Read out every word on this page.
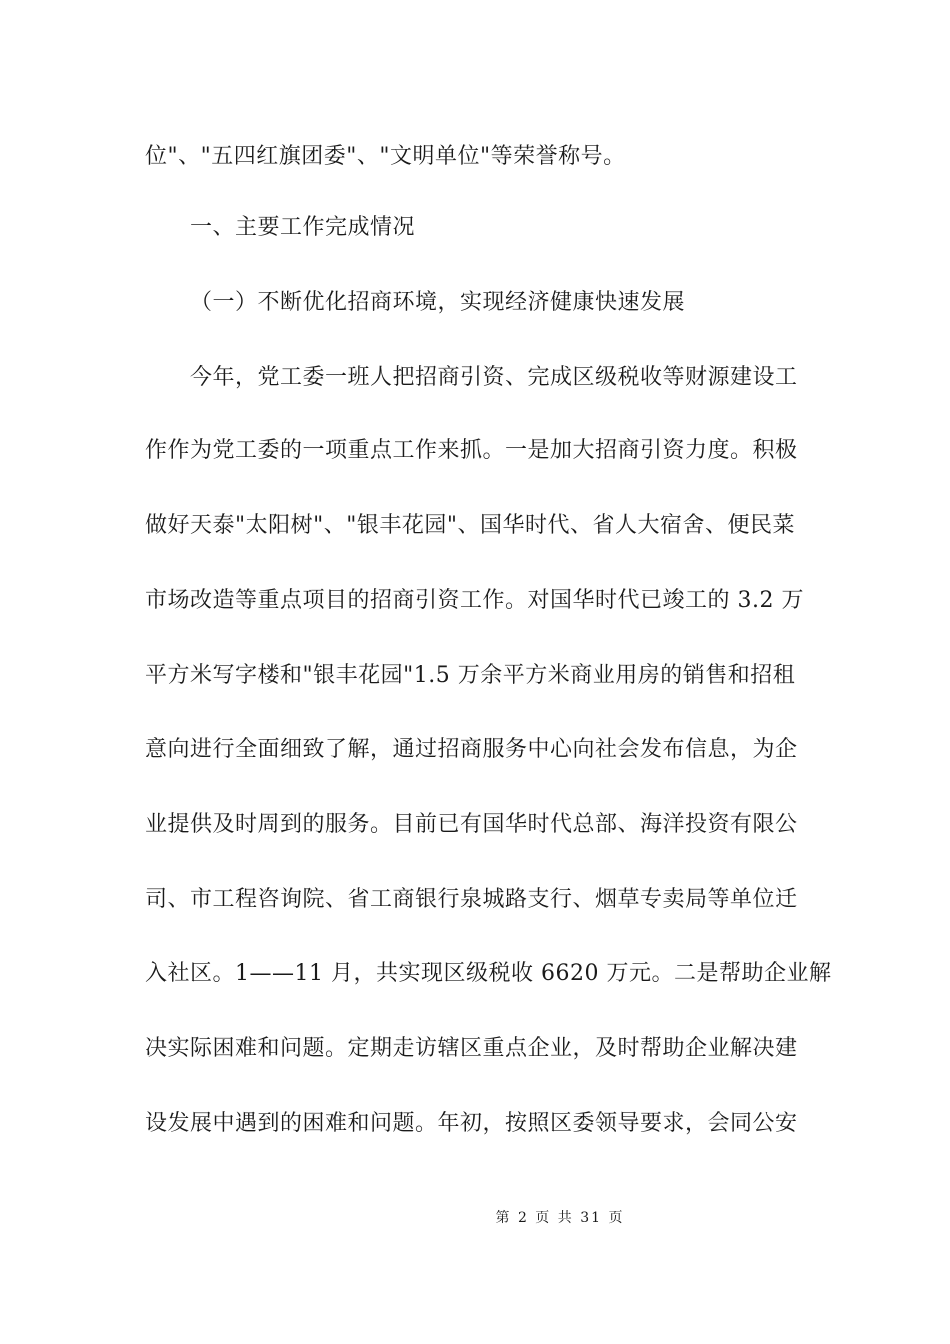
位"、"五四红旗团委"、"文明单位"等荣誉称号。
一、主要工作完成情况
（一）不断优化招商环境，实现经济健康快速发展
今年，党工委一班人把招商引资、完成区级税收等财源建设工
作作为党工委的一项重点工作来抓。一是加大招商引资力度。积极
做好天泰"太阳树"、"银丰花园"、国华时代、省人大宿舍、便民菜
市场改造等重点项目的招商引资工作。对国华时代已竣工的 3.2 万
平方米写字楼和"银丰花园"1.5 万余平方米商业用房的销售和招租
意向进行全面细致了解，通过招商服务中心向社会发布信息，为企
业提供及时周到的服务。目前已有国华时代总部、海洋投资有限公
司、市工程咨询院、省工商银行泉城路支行、烟草专卖局等单位迁
入社区。1——11 月，共实现区级税收 6620 万元。二是帮助企业解
决实际困难和问题。定期走访辖区重点企业，及时帮助企业解决建
设发展中遇到的困难和问题。年初，按照区委领导要求，会同公安
第 2 页 共 31 页
